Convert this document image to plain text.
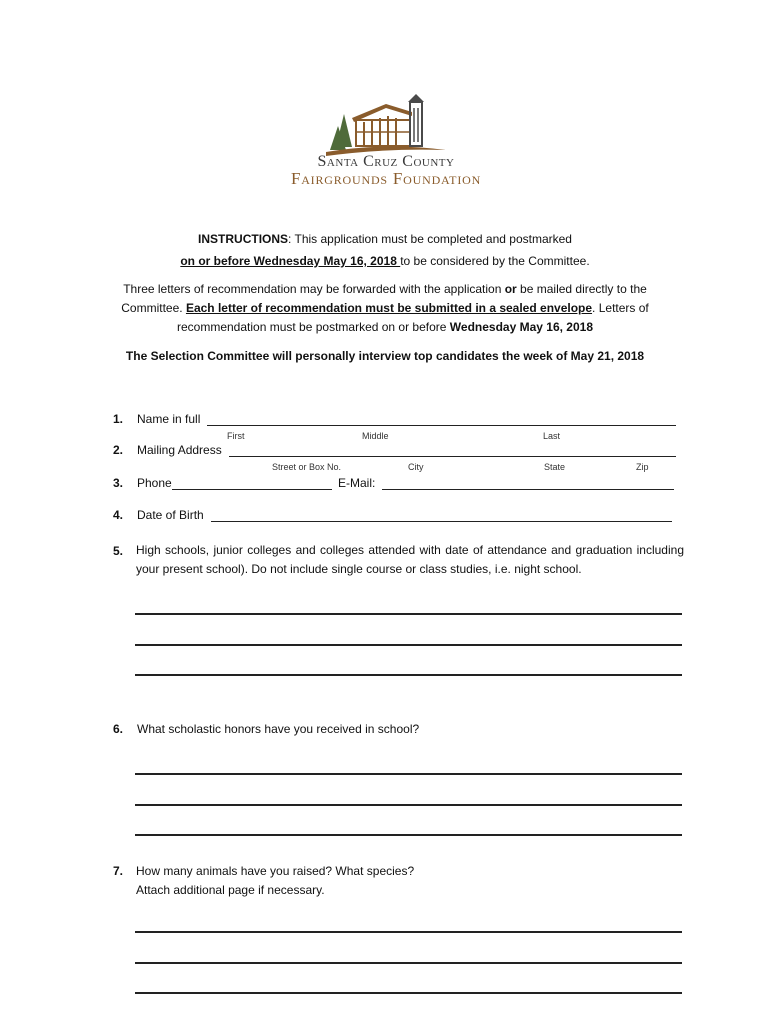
Santa Cruz County
Fairgrounds Foundation
INSTRUCTIONS: This application must be completed and postmarked
on or before Wednesday May 16, 2018 to be considered by the Committee.
Three letters of recommendation may be forwarded with the application or be mailed directly to the
Committee. Each letter of recommendation must be submitted in a sealed envelope. Letters of
recommendation must be postmarked on or before Wednesday May 16, 2018
The Selection Committee will personally interview top candidates the week of May 21, 2018
1. Name in full
First	Middle	Last
2. Mailing Address
Street or Box No.	City	State	Zip
3. Phone	E-Mail:
4. Date of Birth
5. High schools, junior colleges and colleges attended with date of attendance and graduation including your present school). Do not include single course or class studies, i.e. night school.
6. What scholastic honors have you received in school?
7. How many animals have you raised? What species?
Attach additional page if necessary.
